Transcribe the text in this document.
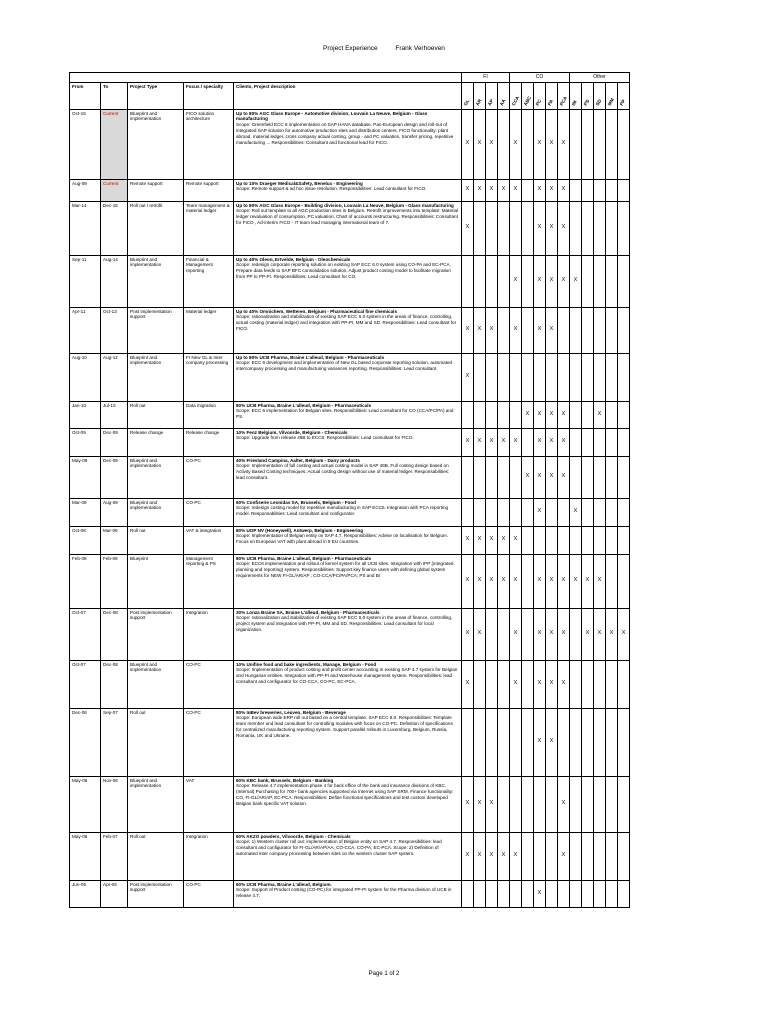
Project Experience	Frank Verhoeven
					FI				CO					Other				
From	To	Project Type	Focus / specialty	Clients, Project description	GL	AR	AP	AA	CCA	ABC	PC	PA	PCA	IM	PS	SD	MM	PP

Oct-15	Current	Blueprint and implementation	FICO solution architecture	Up to 80% AGC Glass Europe - Automotive division, Louvain La Neuve, Belgium - Glass manufacturing
Scope: Greenfield ECC 6 implementation on SAP HANA database. Pan-European design and roll-out of integrated SAP solution for automotive production sites and distribution centers. FICO functionality: plant abroad, material ledger, cross company actual costing, group - and PC valuation, transfer pricing, repetitive manufacturing ... Responsibilities: Consultant and functional lead for FICO.	X	X	X		X		X	X	X					
Aug-09	Current	Remote support	Remote support	Up to 10% Draeger Medical&Safety, Benelux - Engineering
Scope: Remote support & ad hoc issue resolution. Responsibilities: Lead consultant for FICO.	X	X	X	X	X		X	X	X					
Mar-14	Dec-15	Roll out / retrofit	Team management & material ledger	Up to 80% AGC Glass Europe - Building division, Louvain La Neuve, Belgium - Glass manufacturing
Scope: Roll out template to all AGC production sites in Belgium. Retrofit improvements into template: Material ledger revaluation of consumption, PC valuation, Chart of accounts restructuring. Responsibilities: Consultant for FICO , Ad-interim FICO - IT team lead managing international team of 7.	X						X	X	X					
Sep-11	Aug-14	Blueprint and implementation	Financial & Management reporting	Up to 40% Oleon, Ertvelde, Belgium - Oleochemicals
Scope: redesign corporate reporting solution on existing SAP ECC 6.0 system using CO-PA and EC-PCA. Prepare data feeds to SAP BFC consolidation solution. Adjust product costing model to facilitate migration from PP to PP-PI. Responsibilities: Lead consultant for CO.					X		X	X	X	X				
Apr-11	Oct-13	Post implementation support	Material ledger	Up to 40% Omnichem, Wetteren, Belgium - Pharmaceutical fine chemicals
Scope: rationalization and stabilization of existing SAP ECC 6.0 system in the areas of finance, controlling, actual costing (material ledger) and integration with PP-PI, MM and SD. Responsibilities: Lead consultant for FICO.	X	X	X		X		X	X						
Aug-10	Aug-12	Blueprint and implementation	FI New GL & Inter company processing	Up to 80% UCB Pharma, Braine L'alleud, Belgium - Pharmaceuticals
Scope: ECC 6 development and implementation of New GL based corporate reporting solution, automated intercompany processing and manufacturing variances reporting. Responsibilities: Lead consultant.	X													
Jan-10	Jul-10	Roll out	Data migration	80% UCB Pharma, Braine L'alleud, Belgium - Pharmaceuticals
Scope: ECC 6 implementation for Belgian sites. Responsibilities: Lead consultant for CO (CCA/PC/PA) and PS.						X	X	X	X			X		
Oct-09	Dec-09	Release change	Release change	10% Fenz Belgium, Vilvoorde, Belgium - Chemicals
Scope: Upgrade from release 46B to ECC6. Responsibilities: Lead consultant for FICO.	X	X	X	X	X		X	X	X					
May-09	Dec-09	Blueprint and implementation	CO-PC	40% Friesland Campina, Aalter, Belgium - Dairy products
Scope: Implementation of full costing and actual costing model in SAP 46B. Full costing design based on Activity Based Costing techniques. Actual costing design without use of material ledger. Responsabilities: lead consultant.						X	X	X	X					
Mar-09	Aug-09	Blueprint and implementation	CO-PC	60% Confiserie Leonidas SA, Brussels, Belgium - Food
Scope: redesign costing model for repetitive manufacturing in SAP ECC5. Integration with PCA reporting model. Responsabilities: Lead consultant and configurator.							X			X				
Oct-08	Mar-09	Roll out	VAT & integration	80% UOP NV (Honeywell), Antwerp, Belgium - Engineering
Scope: Implementation of Belgian entity on SAP 4.7. Responsibilities: Advise on localisation for Belgium. Focus on European VAT with plant abroad in 9 EU countries.	X	X	X	X	X									
Feb-08	Feb-09	Blueprint	Management reporting & PS	80% UCB Pharma, Braine L'alleud, Belgium - Pharmaceuticals
Scope: ECC6 implementation and rollout of kernel system for all UCB sites. Integration with IPP (integrated planning and reporting) system. Responsibilities: Support key finance users with defining global system requirements for NEW FI-GL/AR/AP ; CO-CCA/PC/PA/PCA; PS and BI	X	X	X	X	X		X	X	X	X	X	X		
Oct-07	Dec-08	Post implementation support	Integration	30% Lonza Braine SA, Braine L'alleud, Belgium - Pharmaceuticals
Scope: rationalization and stabilization of existing SAP ECC 6.0 system in the areas of finance, controlling, project system and integration with PP-PI, MM and SD. Responsibilities: Lead consultant for local organization.	X	X			X		X	X	X		X	X	X	X
Oct-07	Dec-08	Blueprint and implementation	CO-PC	10% Unifine food and bake ingredients, Manage, Belgium - Food
Scope: Implementation of product costing and profit center accounting in existing SAP 4.7 system for Belgian and Hungarian entities. Integration with PP-PI and Warehouse management system. Responsibilities: lead consultant and configurator for CO-CCA, CO-PC, EC-PCA.	X				X		X	X	X					
Dec-06	Sep-07	Roll out	CO-PC	80% InBev breweries, Leuven, Belgium - Beverage
Scope: European wide ERP roll out based on a central template. SAP ECC 6.0. Responsibilities: Template team member and lead consultant for controlling modules with focus on CO-PC. Definition of specifications for centralized manufacturing reporting system. Support parallel rollouts in Luxemburg, Belgium, Russia, Romania, UK and Ukraine.							X	X						
May-06	Nov-06	Blueprint and implementation	VAT	60% KBC bank, Brussels, Belgium - Banking
Scope: Release 4.7 implementation phase 4 for back office of the bank and insurance divisions of KBC. (Internal) Purchasing for 700+ bank agencies supported via Internet using SAP SRM. Finance functionality: CO, FI-GL/AR/AP, EC-PCA. Responsibilities: Define functional specifications and test custom developed Belgian bank specific VAT solution.	X	X	X						X					
May-06	Feb-07	Roll out	Integration	60% AKZO powders, Vilvoorde, Belgium - Chemicals
Scope: 1) Western cluster roll out: implementation of Belgian entity on SAP 4.7. Responsibilities: lead consultant and configurator for FI-GL/AR/AP/AA, CO-CCA, CO-PA, EC-PCA. Scope: 2) Definition of automated inter company processing between sites on the western cluster SAP system.	X	X	X	X	X				X					
Jun-05	Apr-06	Post implementation support	CO-PC	60% UCB Pharma, Braine L'alleud, Belgium.
Scope: Support of Product costing (CO-PC) for integrated PP-PI system for the Pharma division of UCB in release 4.7.							X							
Page 1 of 2
